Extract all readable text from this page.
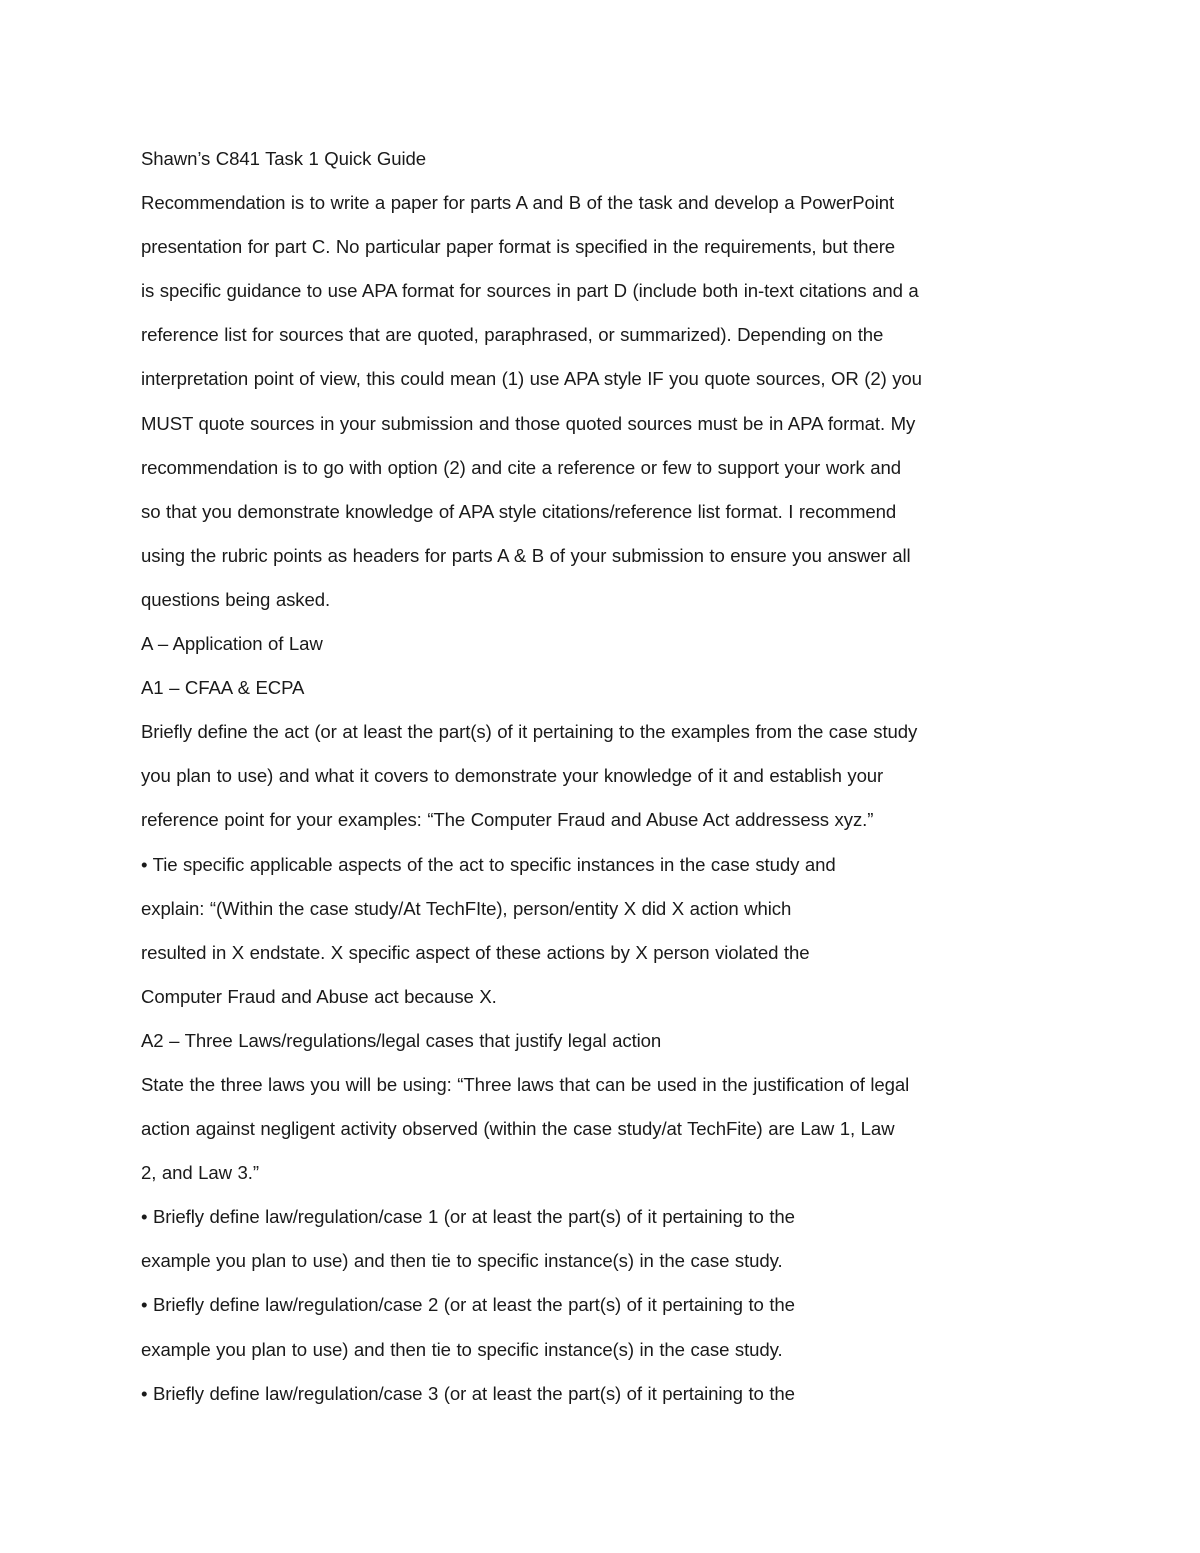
Shawn’s C841 Task 1 Quick Guide
Recommendation is to write a paper for parts A and B of the task and develop a PowerPoint
presentation for part C. No particular paper format is specified in the requirements, but there
is specific guidance to use APA format for sources in part D (include both in-text citations and a
reference list for sources that are quoted, paraphrased, or summarized). Depending on the
interpretation point of view, this could mean (1) use APA style IF you quote sources, OR (2) you
MUST quote sources in your submission and those quoted sources must be in APA format. My
recommendation is to go with option (2) and cite a reference or few to support your work and
so that you demonstrate knowledge of APA style citations/reference list format. I recommend
using the rubric points as headers for parts A & B of your submission to ensure you answer all
questions being asked.
A – Application of Law
A1 – CFAA & ECPA
Briefly define the act (or at least the part(s) of it pertaining to the examples from the case study
you plan to use) and what it covers to demonstrate your knowledge of it and establish your
reference point for your examples: “The Computer Fraud and Abuse Act addressess xyz.”
• Tie specific applicable aspects of the act to specific instances in the case study and
explain: “(Within the case study/At TechFIte), person/entity X did X action which
resulted in X endstate. X specific aspect of these actions by X person violated the
Computer Fraud and Abuse act because X.
A2 – Three Laws/regulations/legal cases that justify legal action
State the three laws you will be using: “Three laws that can be used in the justification of legal
action against negligent activity observed (within the case study/at TechFite) are Law 1, Law
2, and Law 3.”
• Briefly define law/regulation/case 1 (or at least the part(s) of it pertaining to the
example you plan to use) and then tie to specific instance(s) in the case study.
• Briefly define law/regulation/case 2 (or at least the part(s) of it pertaining to the
example you plan to use) and then tie to specific instance(s) in the case study.
• Briefly define law/regulation/case 3 (or at least the part(s) of it pertaining to the
